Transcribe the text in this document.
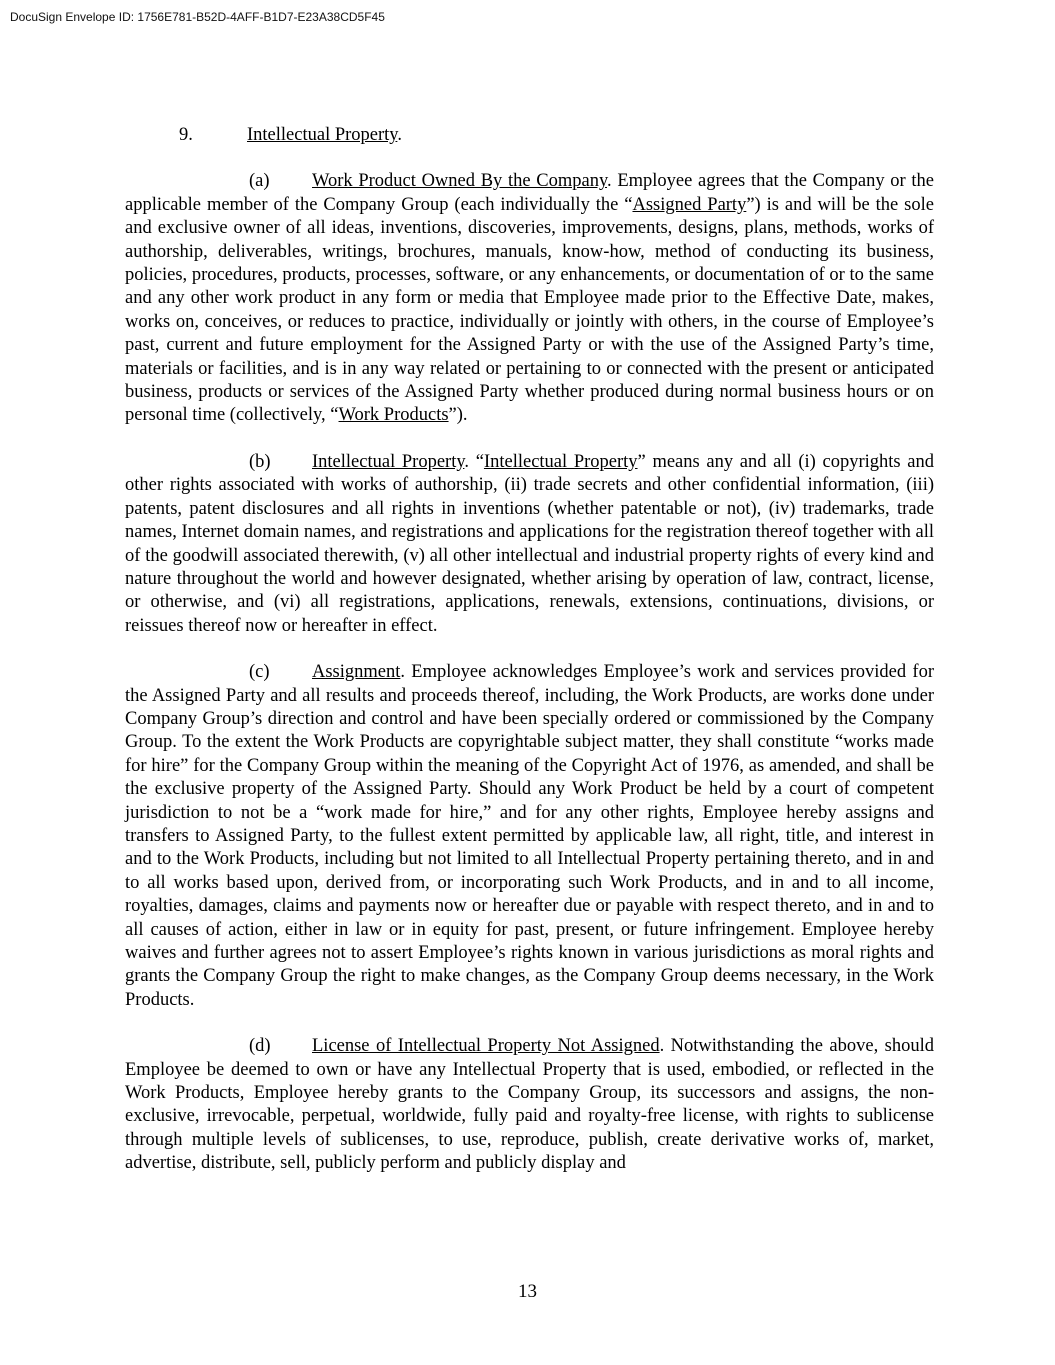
DocuSign Envelope ID: 1756E781-B52D-4AFF-B1D7-E23A38CD5F45

9.	Intellectual Property.

(a) Work Product Owned By the Company. Employee agrees that the Company or the applicable member of the Company Group (each individually the “Assigned Party”) is and will be the sole and exclusive owner of all ideas, inventions, discoveries, improvements, designs, plans, methods, works of authorship, deliverables, writings, brochures, manuals, know-how, method of conducting its business, policies, procedures, products, processes, software, or any enhancements, or documentation of or to the same and any other work product in any form or media that Employee made prior to the Effective Date, makes, works on, conceives, or reduces to practice, individually or jointly with others, in the course of Employee’s past, current and future employment for the Assigned Party or with the use of the Assigned Party’s time, materials or facilities, and is in any way related or pertaining to or connected with the present or anticipated business, products or services of the Assigned Party whether produced during normal business hours or on personal time (collectively, “Work Products”).

(b) Intellectual Property. “Intellectual Property” means any and all (i) copyrights and other rights associated with works of authorship, (ii) trade secrets and other confidential information, (iii) patents, patent disclosures and all rights in inventions (whether patentable or not), (iv) trademarks, trade names, Internet domain names, and registrations and applications for the registration thereof together with all of the goodwill associated therewith, (v) all other intellectual and industrial property rights of every kind and nature throughout the world and however designated, whether arising by operation of law, contract, license, or otherwise, and (vi) all registrations, applications, renewals, extensions, continuations, divisions, or reissues thereof now or hereafter in effect.

(c) Assignment. Employee acknowledges Employee’s work and services provided for the Assigned Party and all results and proceeds thereof, including, the Work Products, are works done under Company Group’s direction and control and have been specially ordered or commissioned by the Company Group. To the extent the Work Products are copyrightable subject matter, they shall constitute “works made for hire” for the Company Group within the meaning of the Copyright Act of 1976, as amended, and shall be the exclusive property of the Assigned Party. Should any Work Product be held by a court of competent jurisdiction to not be a “work made for hire,” and for any other rights, Employee hereby assigns and transfers to Assigned Party, to the fullest extent permitted by applicable law, all right, title, and interest in and to the Work Products, including but not limited to all Intellectual Property pertaining thereto, and in and to all works based upon, derived from, or incorporating such Work Products, and in and to all income, royalties, damages, claims and payments now or hereafter due or payable with respect thereto, and in and to all causes of action, either in law or in equity for past, present, or future infringement. Employee hereby waives and further agrees not to assert Employee’s rights known in various jurisdictions as moral rights and grants the Company Group the right to make changes, as the Company Group deems necessary, in the Work Products.

(d) License of Intellectual Property Not Assigned. Notwithstanding the above, should Employee be deemed to own or have any Intellectual Property that is used, embodied, or reflected in the Work Products, Employee hereby grants to the Company Group, its successors and assigns, the non-exclusive, irrevocable, perpetual, worldwide, fully paid and royalty-free license, with rights to sublicense through multiple levels of sublicenses, to use, reproduce, publish, create derivative works of, market, advertise, distribute, sell, publicly perform and publicly display and

13
